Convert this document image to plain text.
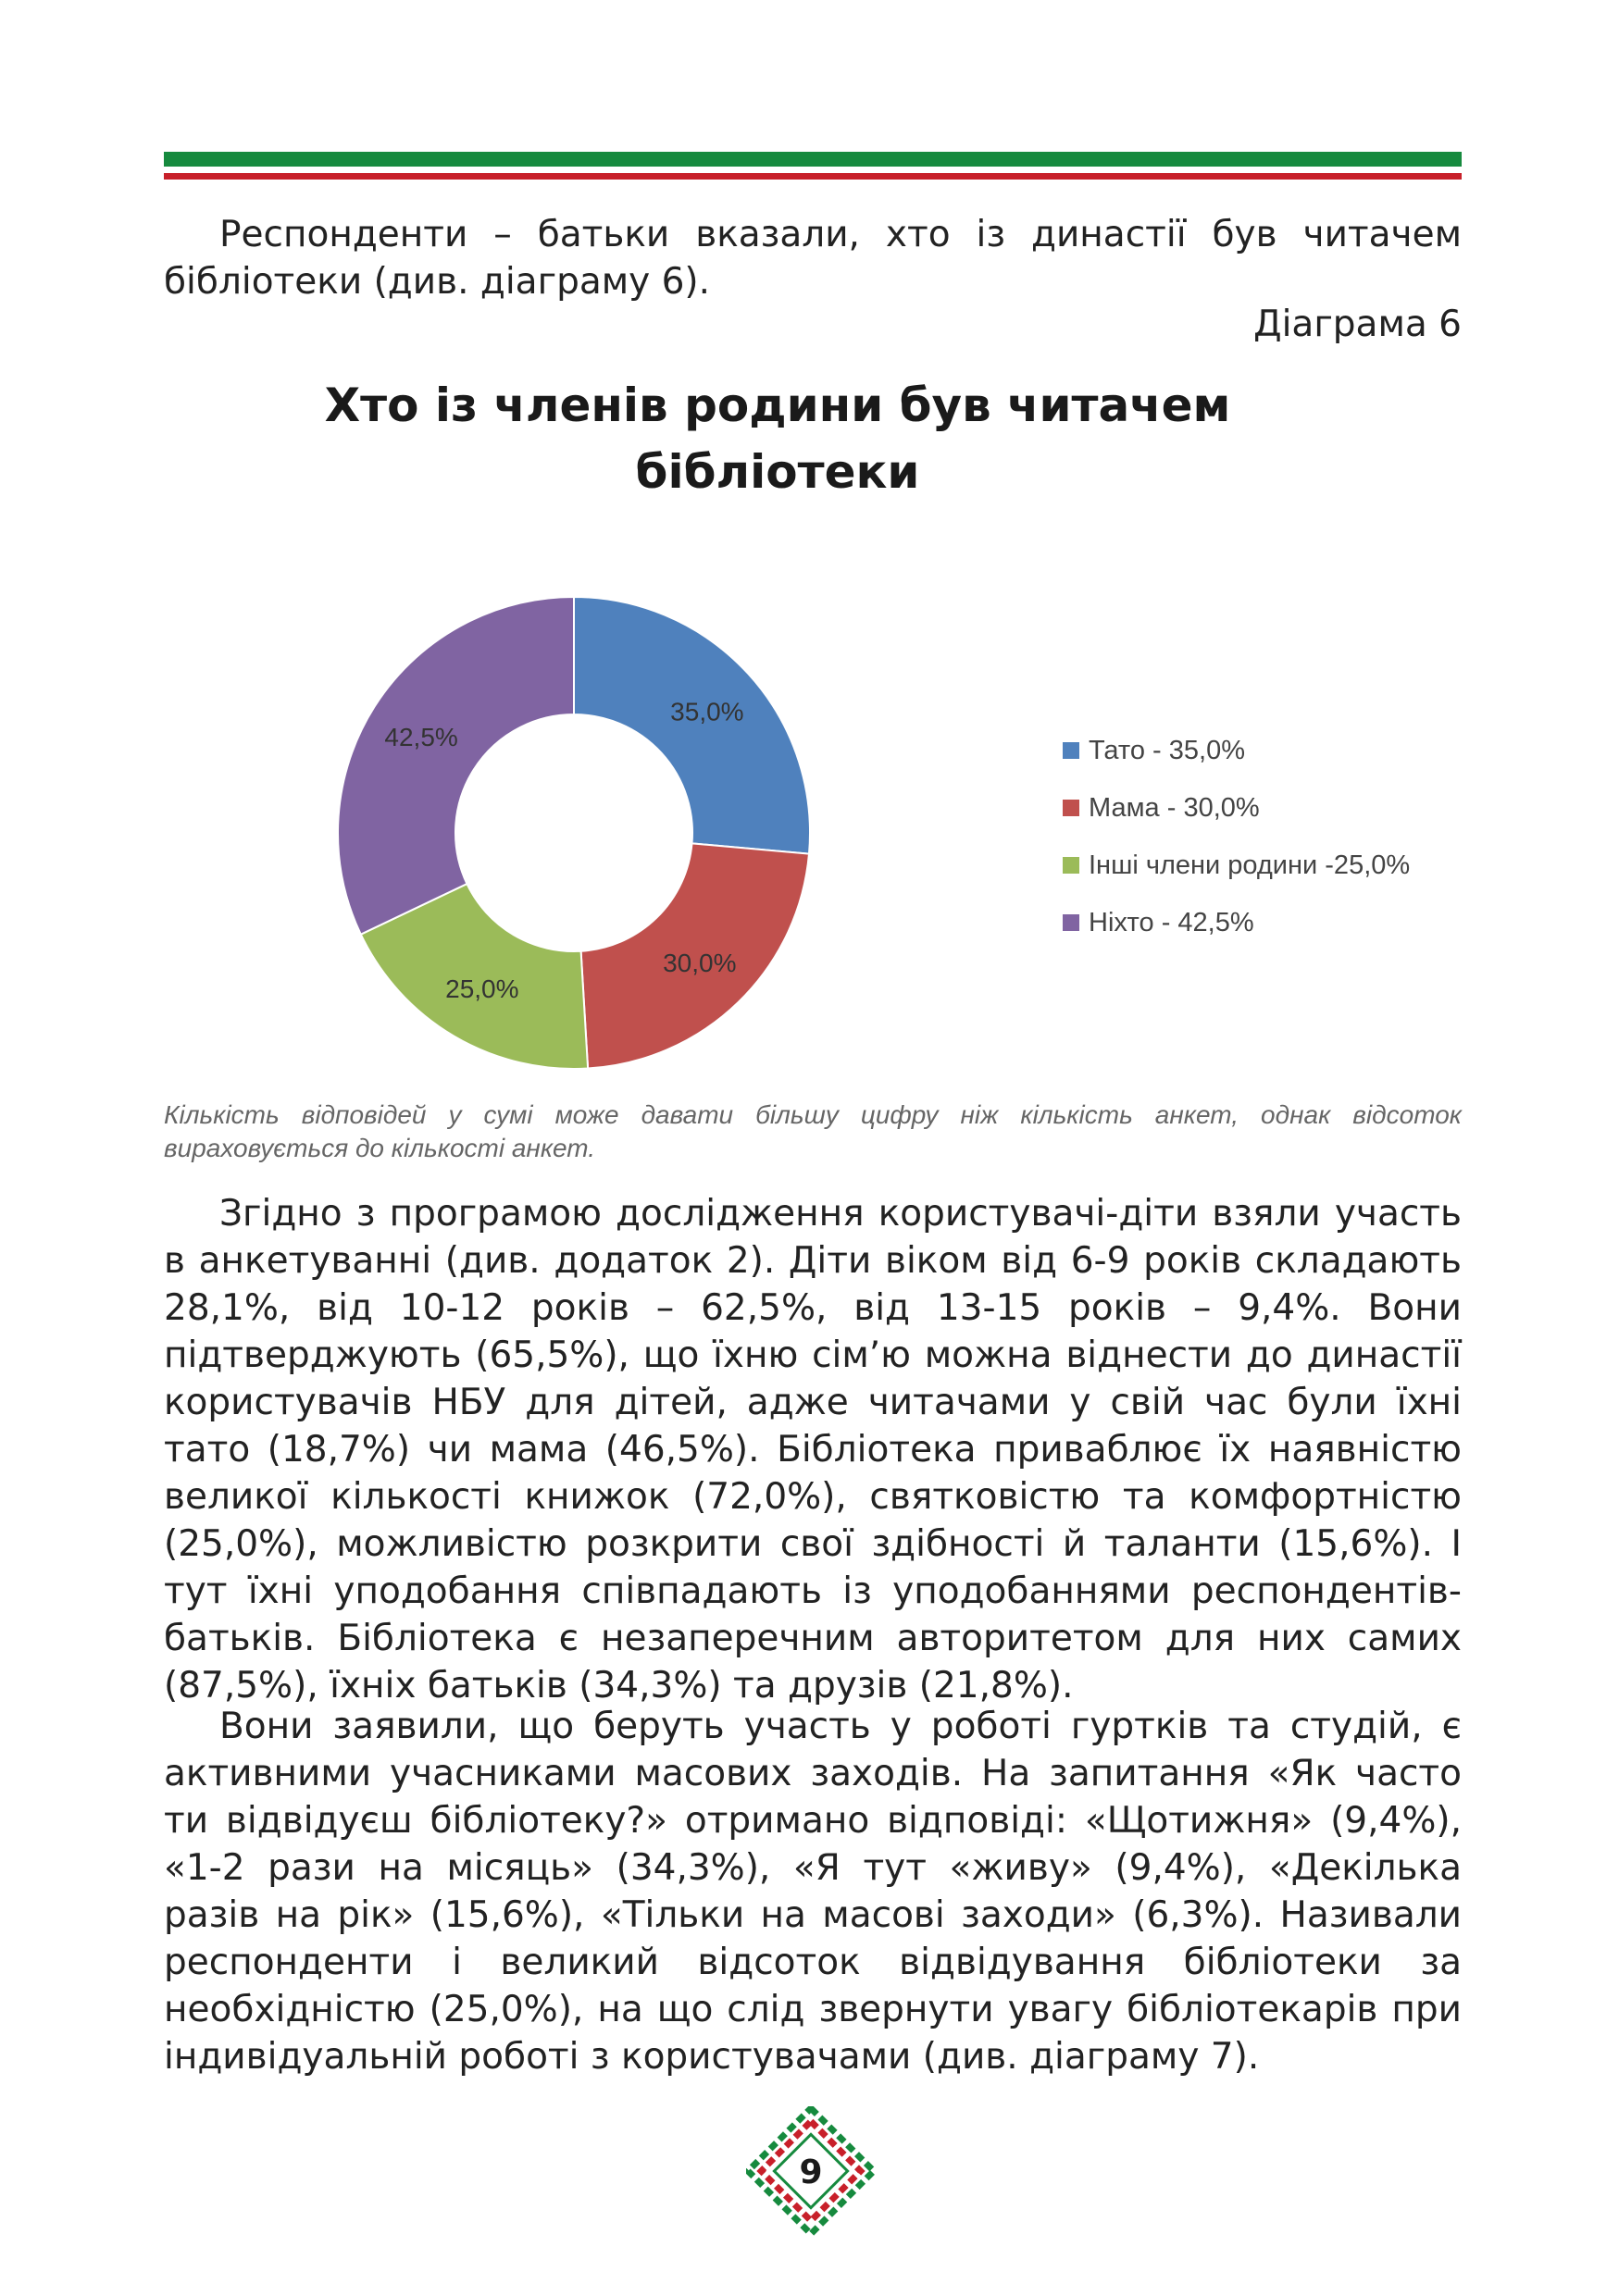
Респонденти – батьки вказали, хто із династії був читачем бібліотеки (див. діаграму 6).

Діаграма 6
Хто із членів родини був читачем
бібліотеки
35,0%
30,0%
25,0%
42,5%	Тато - 35,0%
Мама - 30,0%
Інші члени родини -25,0%
Ніхто - 42,5%

Кількість відповідей у сумі може давати більшу цифру ніж кількість анкет, однак відсоток вираховується до кількості анкет.

Згідно з програмою дослідження користувачі-діти взяли участь в анкетуванні (див. додаток 2). Діти віком від 6-9 років складають 28,1%, від 10-12 років – 62,5%, від 13-15 років – 9,4%. Вони підтверджують (65,5%), що їхню сім’ю можна віднести до династії користувачів НБУ для дітей, адже читачами у свій час були їхні тато (18,7%) чи мама (46,5%). Бібліотека приваблює їх наявністю великої кількості книжок (72,0%), святковістю та комфортністю (25,0%), можливістю розкрити свої здібності й таланти (15,6%). І тут їхні уподобання співпадають із уподобаннями респондентів-батьків. Бібліотека є незаперечним авторитетом для них самих (87,5%), їхніх батьків (34,3%) та друзів (21,8%).

Вони заявили, що беруть участь у роботі гуртків та студій, є активними учасниками масових заходів. На запитання «Як часто ти відвідуєш бібліотеку?» отримано відповіді: «Щотижня» (9,4%), «1-2 рази на місяць» (34,3%), «Я тут «живу» (9,4%), «Декілька разів на рік» (15,6%), «Тільки на масові заходи» (6,3%). Називали респонденти і великий відсоток відвідування бібліотеки за необхідністю (25,0%), на що слід звернути увагу бібліотекарів при індивідуальній роботі з користувачами (див. діаграму 7).

9
